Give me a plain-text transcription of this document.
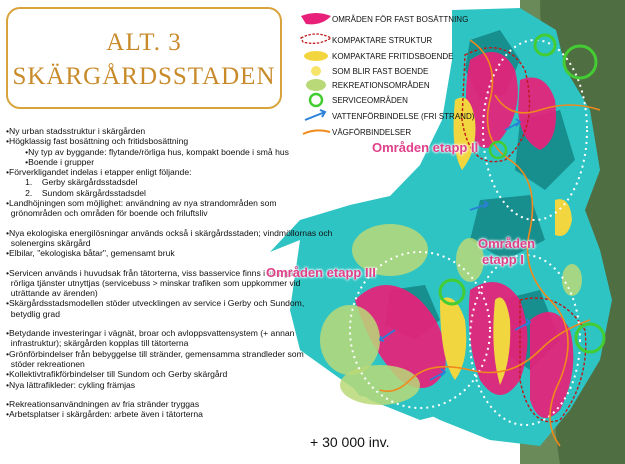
ALT. 3
SKÄRGÅRDSSTADEN
OMRÅDEN FÖR FAST BOSÄTTNING
KOMPAKTARE STRUKTUR
KOMPAKTARE FRITIDSBOENDE
SOM BLIR FAST BOENDE
REKREATIONSOMRÅDEN
SERVICEOMRÅDEN
VATTENFÖRBINDELSE (FRI STRAND)
VÄGFÖRBINDELSER
•Ny urban stadsstruktur i skärgården
•Högklassig fast bosättning och fritidsbosättning
•Ny typ av byggande: flytande/rörliga hus, kompakt boende i små hus
•Boende i grupper
•Förverkligandet indelas i etapper enligt följande:
1.    Gerby skärgårdsstadsdel
2.    Sundom skärgårdsstadsdel
•Landhöjningen som möjlighet: användning av nya strandområden som
grönområden och områden för boende och friluftsliv
•Nya ekologiska energilösningar används också i skärgårdsstaden; vindmöllornas och
solenergins skärgård
•Elbilar, "ekologiska båtar", gemensamt bruk
•Servicen används i huvudsak från tätorterna, viss basservice finns i skärgården,
rörliga tjänster utnyttjas (servicebuss > minskar trafiken som uppkommer vid
uträttande av ärenden)
•Skärgårdsstadsmodellen stöder utvecklingen av service i Gerby och Sundom,
betydlig grad
•Betydande investeringar i vägnät, broar och avloppsvattensystem (+ annan
infrastruktur); skärgården kopplas till tätorterna
•Grönförbindelser från bebyggelse till stränder, gemensamma strandleder som
stöder rekreationen
•Kollektivtrafikförbindelser till Sundom och Gerby skärgård
•Nya lättrafikleder: cykling främjas
•Rekreationsanvändningen av fria stränder tryggas
•Arbetsplatser i skärgården: arbete även i tätorterna
Områden etapp II
Områden
etapp I
Områden etapp III
+ 30 000 inv.
